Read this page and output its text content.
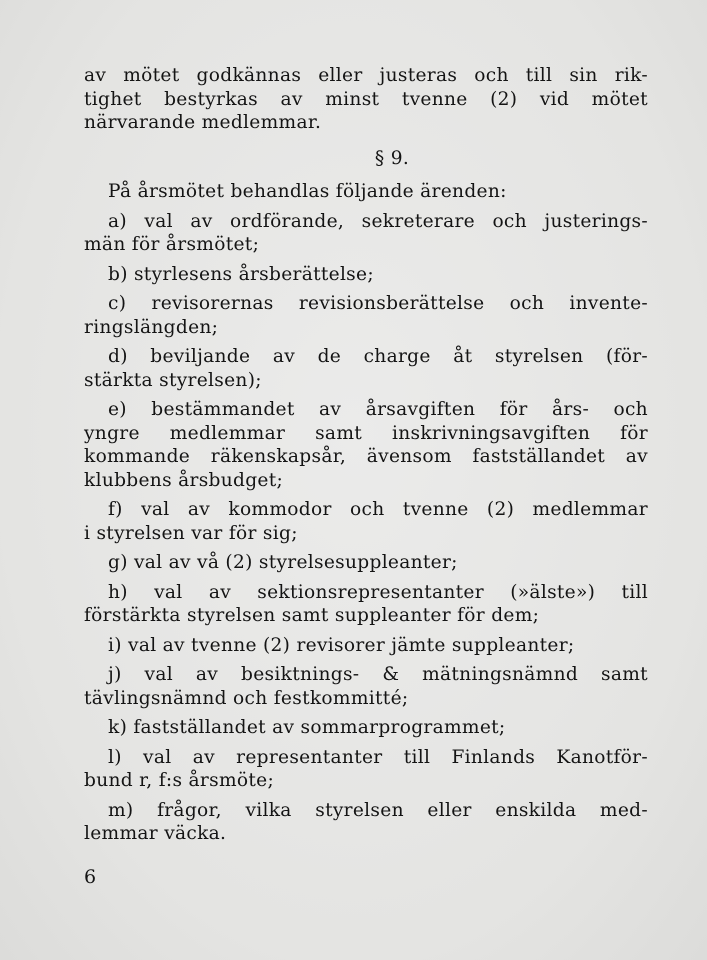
av mötet godkännas eller justeras och till sin rik-
tighet bestyrkas av minst tvenne (2) vid mötet
närvarande medlemmar.
§ 9.
På årsmötet behandlas följande ärenden:
a) val av ordförande, sekreterare och justerings-
män för årsmötet;
b) styrlesens årsberättelse;
c) revisorernas revisionsberättelse och invente-
ringslängden;
d) beviljande av de charge åt styrelsen (för-
stärkta styrelsen);
e) bestämmandet av årsavgiften för års- och
yngre medlemmar samt inskrivningsavgiften för
kommande räkenskapsår, ävensom fastställandet av
klubbens årsbudget;
f) val av kommodor och tvenne (2) medlemmar
i styrelsen var för sig;
g) val av vå (2) styrelsesuppleanter;
h) val av sektionsrepresentanter (»älste») till
förstärkta styrelsen samt suppleanter för dem;
i) val av tvenne (2) revisorer jämte suppleanter;
j) val av besiktnings- & mätningsnämnd samt
tävlingsnämnd och festkommitté;
k) fastställandet av sommarprogrammet;
l) val av representanter till Finlands Kanotför-
bund r, f:s årsmöte;
m) frågor, vilka styrelsen eller enskilda med-
lemmar väcka.
6
